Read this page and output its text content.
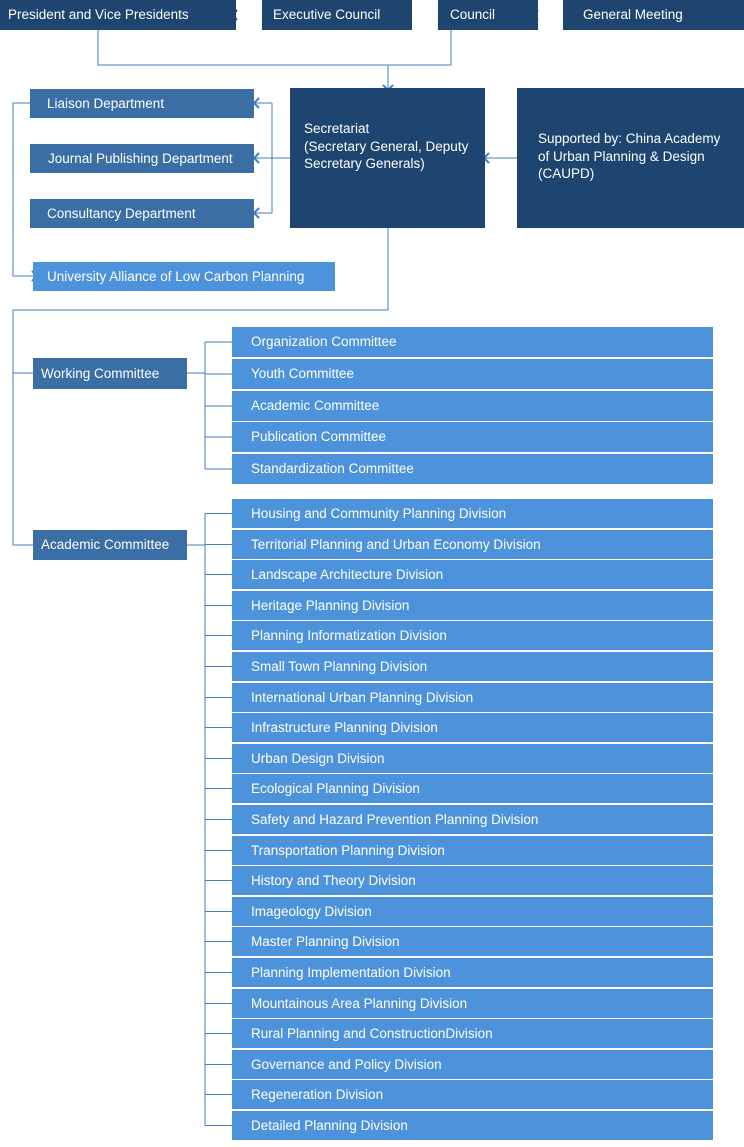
President and Vice Presidents	Executive Council	Council	General Meeting
Secretariat
(Secretary General, Deputy Secretary Generals)
Supported by: China Academy of Urban Planning & Design (CAUPD)
Liaison Department
Journal Publishing Department
Consultancy Department
University Alliance of Low Carbon Planning
Working Committee
Academic Committee
Organization Committee
Youth Committee
Academic Committee
Publication Committee
Standardization Committee
Housing and Community Planning Division
Territorial Planning and Urban Economy Division
Landscape Architecture Division
Heritage Planning Division
Planning Informatization Division
Small Town Planning Division
International Urban Planning Division
Infrastructure Planning Division
Urban Design Division
Ecological Planning Division
Safety and Hazard Prevention Planning Division
Transportation Planning Division
History and Theory Division
Imageology Division
Master Planning Division
Planning Implementation Division
Mountainous Area Planning Division
Rural Planning and ConstructionDivision
Governance and Policy Division
Regeneration Division
Detailed Planning Division
